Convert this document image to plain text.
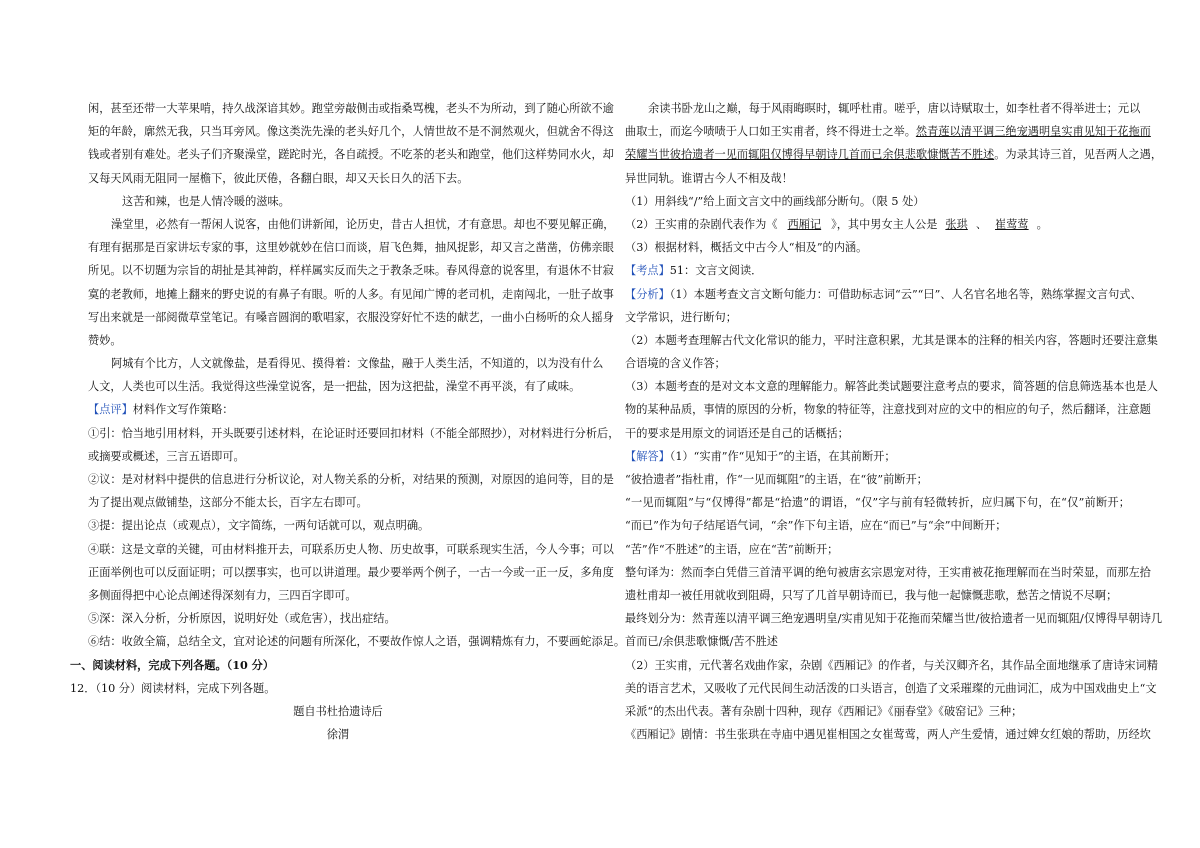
闲，甚至还带一大苹果啃，持久战深谙其妙。跑堂旁敲侧击或指桑骂槐，老头不为所动，到了随心所欲不逾
矩的年龄，廓然无我，只当耳旁风。像这类洗先澡的老头好几个，人情世故不是不洞然观火，但就舍不得这
钱或者别有难处。老头子们齐聚澡堂，蹉跎时光，各自疏授。不吃茶的老头和跑堂，他们这样势同水火，却
又每天风雨无阻同一屋檐下，彼此厌倦，各翻白眼，却又天长日久的活下去。
这苦和辣，也是人情冷暖的滋味。
澡堂里，必然有一帮闲人说客，由他们讲新闻，论历史，昔古人担忧，才有意思。却也不要见解正确，
有理有据那是百家讲坛专家的事，这里妙就妙在信口而谈，眉飞色舞，抽风捉影，却又言之凿凿，仿佛亲眼
所见。以不切题为宗旨的胡扯是其神韵，样样属实反而失之于教条乏味。春风得意的说客里，有退休不甘寂
寞的老教师，地摊上翻来的野史说的有鼻子有眼。听的人多。有见闻广博的老司机，走南闯北，一肚子故事
写出来就是一部阅微草堂笔记。有嗓音圆润的歌唱家，衣服没穿好忙不迭的献艺，一曲小白杨听的众人摇身
赞妙。
阿城有个比方，人文就像盐，是看得见、摸得着：文像盐，融于人类生活，不知道的，以为没有什么
人文，人类也可以生活。我觉得这些澡堂说客，是一把盐，因为这把盐，澡堂不再平淡，有了咸味。
【点评】材料作文写作策略：
①引：恰当地引用材料，开头既要引述材料，在论证时还要回扣材料（不能全部照抄），对材料进行分析后，
或摘要或概述，三言五语即可。
②议：是对材料中提供的信息进行分析议论，对人物关系的分析，对结果的预测，对原因的追问等，目的是
为了提出观点做铺垫，这部分不能太长，百字左右即可。
③提：提出论点（或观点），文字简练，一两句话就可以，观点明确。
④联：这是文章的关键，可由材料推开去，可联系历史人物、历史故事，可联系现实生活，今人今事；可以
正面举例也可以反面证明；可以摆事实，也可以讲道理。最少要举两个例子，一古一今或一正一反，多角度
多侧面得把中心论点阐述得深刻有力，三四百字即可。
⑤深：深入分析，分析原因，说明好处（或危害），找出症结。
⑥结：收敛全篇，总结全文，宜对论述的问题有所深化，不要故作惊人之语，强调精炼有力，不要画蛇添足。
一、阅读材料，完成下列各题。（10 分）
12．（10 分）阅读材料，完成下列各题。
题自书杜拾遗诗后
徐渭
余读书卧龙山之巅，每于风雨晦暝时，辄呼杜甫。嗟乎，唐以诗赋取士，如李杜者不得举进士；元以
曲取士，而迄今啧啧于人口如王实甫者，终不得进士之举。然青莲以清平调三绝宠遇明皇实甫见知于花拖而
荣耀当世彼拾遗者一见而辄阻仅博得早朝诗几首而已余倶悲歌慷慨苦不胜述。为录其诗三首，见吾两人之遇，
异世同轨。谁谓古今人不相及哉！
（1）用斜线“/”给上面文言文中的画线部分断句。（限 5 处）
（2）王实甫的杂剧代表作为《 西厢记 》，其中男女主人公是 张珙 、 崔莺莺 。
（3）根据材料，概括文中古今人“相及”的内涵。
【考点】51：文言文阅读．
【分析】（1）本题考查文言文断句能力：可借助标志词“云”“曰”、人名官名地名等，熟练掌握文言句式、
文学常识，进行断句；
（2）本题考查理解古代文化常识的能力，平时注意积累，尤其是课本的注释的相关内容，答题时还要注意集
合语境的含义作答；
（3）本题考查的是对文本文意的理解能力。解答此类试题要注意考点的要求，简答题的信息筛选基本也是人
物的某种品质，事情的原因的分析，物象的特征等，注意找到对应的文中的相应的句子，然后翻译，注意题
干的要求是用原文的词语还是自己的话概括；
【解答】（1）“实甫”作“见知于”的主语，在其前断开；
“彼拾遗者”指杜甫，作“一见而辄阻”的主语，在“彼”前断开；
“一见而辄阻”与“仅博得”都是“拾遗”的谓语，“仅”字与前有轻微转折，应归属下句，在“仅”前断开；
“而已”作为句子结尾语气词，“余”作下句主语，应在“而已”与“余”中间断开；
“苦”作“不胜述”的主语，应在“苦”前断开；
整句译为：然而李白凭借三首清平调的绝句被唐玄宗恩宠对待，王实甫被花拖理解而在当时荣显，而那左拾
遗杜甫却一被任用就收到阻碍，只写了几首早朝诗而已，我与他一起慷慨悲歌，愁苦之情说不尽啊；
最终划分为：然青莲以清平调三绝宠遇明皇/实甫见知于花拖而荣耀当世/彼拾遗者一见而辄阻/仅博得早朝诗几
首而已/余倶悲歌慷慨/苦不胜述
（2）王实甫，元代著名戏曲作家，杂剧《西厢记》的作者，与关汉卿齐名，其作品全面地继承了唐诗宋词精
美的语言艺术，又吸收了元代民间生动活泼的口头语言，创造了文采璀璨的元曲词汇，成为中国戏曲史上“文
采派“的杰出代表。著有杂剧十四种，现存《西厢记》《丽春堂》《破窑记》三种；
《西厢记》剧情：书生张珙在寺庙中遇见崔相国之女崔莺莺，两人产生爱情，通过婢女红娘的帮助，历经坎
